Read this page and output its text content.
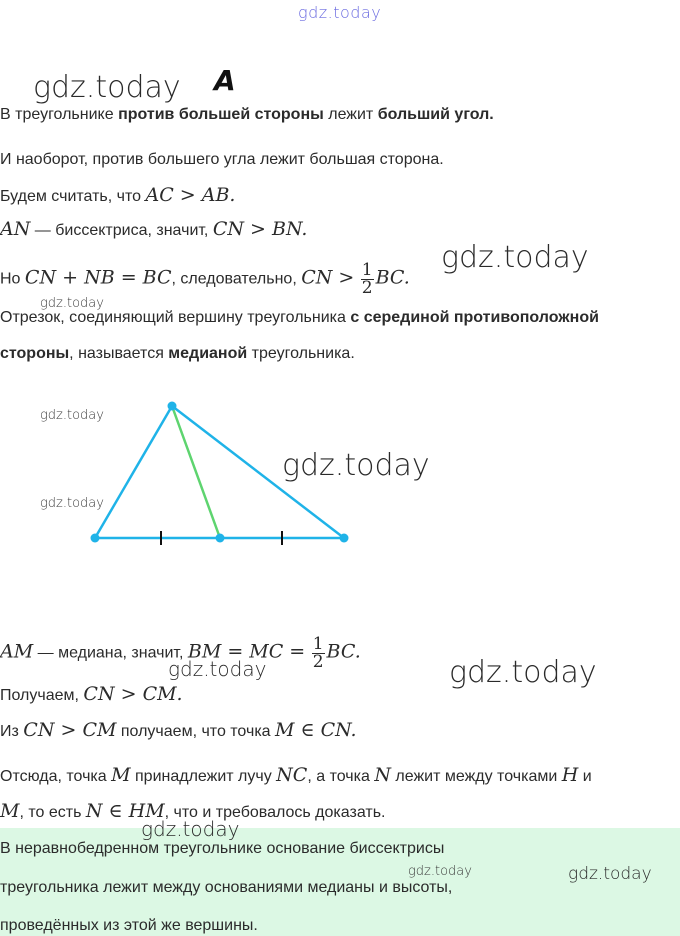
gdz.today
gdz.today A
В треугольнике против большей стороны лежит больший угол.
И наоборот, против большего угла лежит большая сторона.
Будем считать, что AC > AB.
AN — биссектриса, значит, CN > BN.
Но CN + NB = BC, следовательно, CN > $\frac{1}{2}$ BC.
gdz.today
gdz.today
Отрезок, соединяющий вершину треугольника с серединой противоположной
стороны, называется медианой треугольника.
gdz.today
gdz.today
gdz.today
AM — медиана, значит, BM = MC = $\frac{1}{2}$ BC.
gdz.today	gdz.today
Получаем, CN > CM.
Из CN > CM получаем, что точка M ∈ CN.
Отсюда, точка M принадлежит лучу NC, а точка N лежит между точками H и
M, то есть N ∈ HM, что и требовалось доказать.
gdz.today
В неравнобедренном треугольнике основание биссектрисы
треугольника лежит между основаниями медианы и высоты,
проведённых из этой же вершины.
gdz.today	gdz.today
